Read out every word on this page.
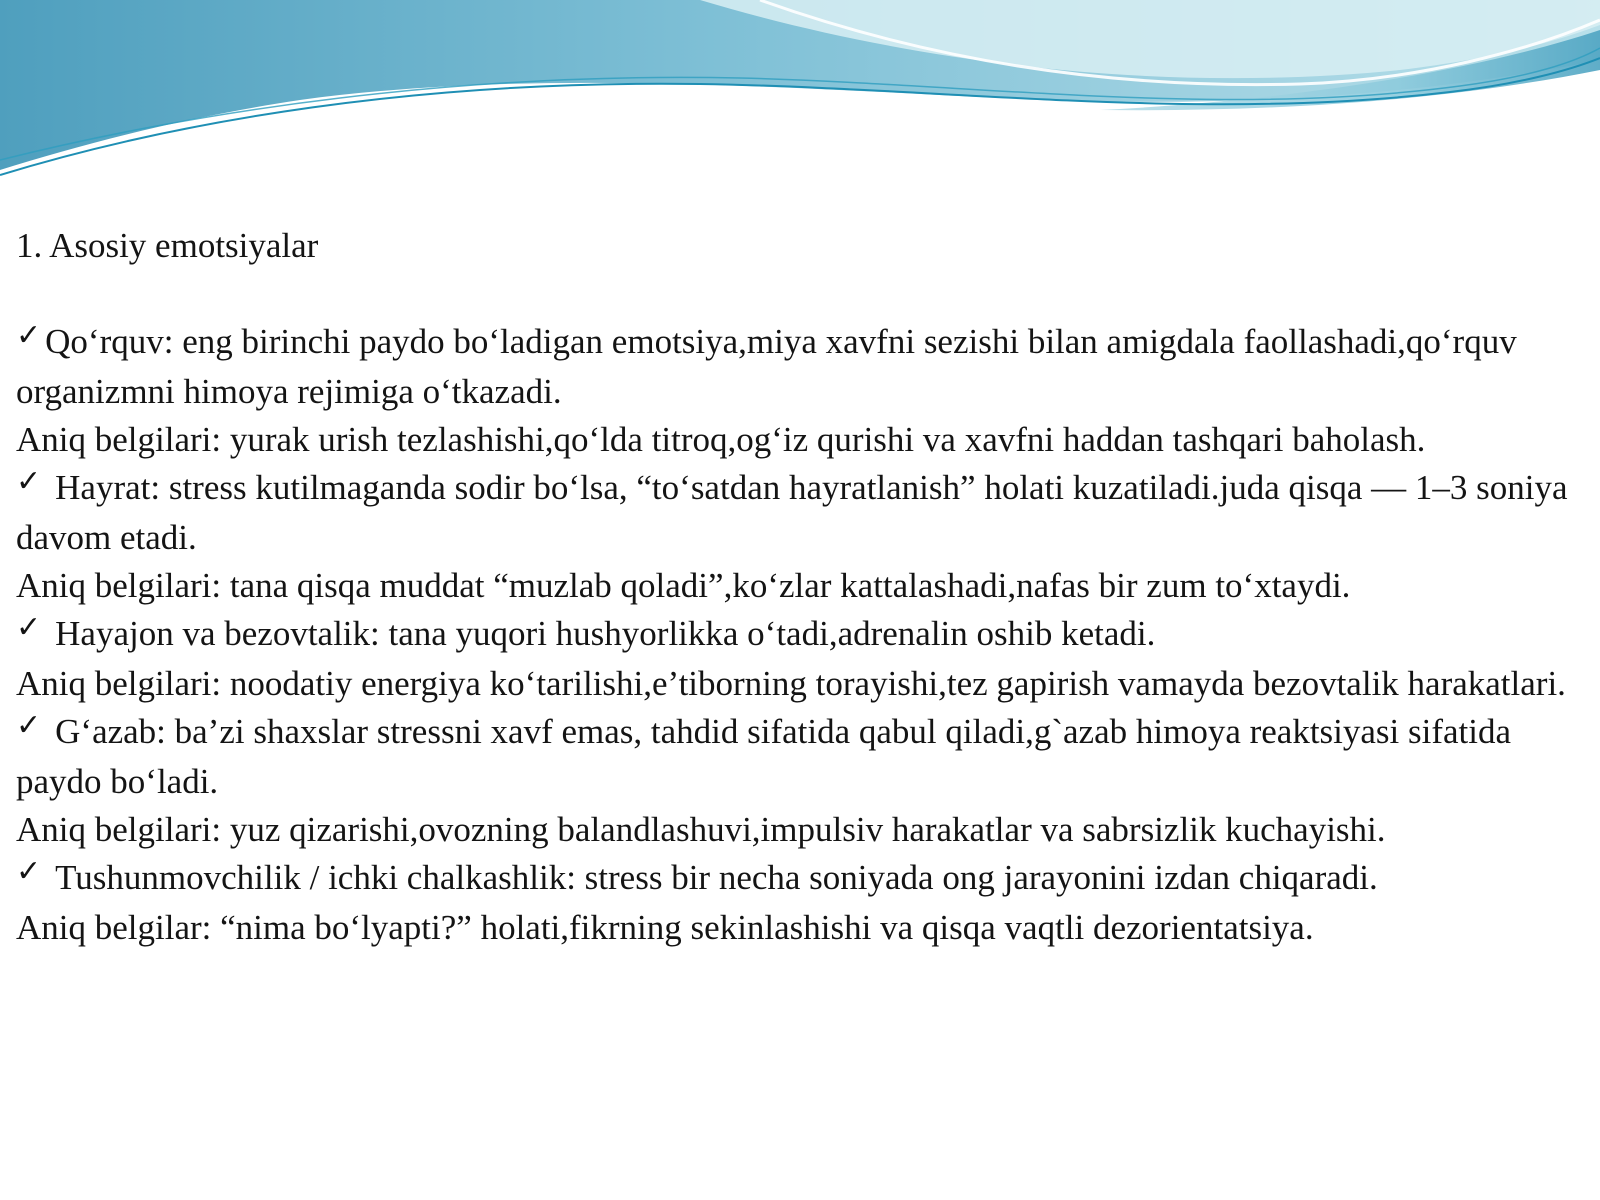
1. Asosiy emotsiyalar

✓ Qo‘rquv: eng birinchi paydo bo‘ladigan emotsiya,miya xavfni sezishi bilan amigdala faollashadi,qo‘rquv organizmni himoya rejimiga o‘tkazadi.

Aniq belgilari: yurak urish tezlashishi,qo‘lda titroq,og‘iz qurishi va xavfni haddan tashqari baholash.

✓ Hayrat: stress kutilmaganda sodir bo‘lsa, “to‘satdan hayratlanish” holati kuzatiladi.juda qisqa — 1–3 soniya davom etadi.

Aniq belgilari: tana qisqa muddat “muzlab qoladi”,ko‘zlar kattalashadi,nafas bir zum to‘xtaydi.

✓ Hayajon va bezovtalik: tana yuqori hushyorlikka o‘tadi,adrenalin oshib ketadi.

Aniq belgilari: noodatiy energiya ko‘tarilishi,e’tiborning torayishi,tez gapirish vamayda bezovtalik harakatlari.

✓ G‘azab: ba’zi shaxslar stressni xavf emas, tahdid sifatida qabul qiladi,g`azab himoya reaktsiyasi sifatida paydo bo‘ladi.

Aniq belgilari: yuz qizarishi,ovozning balandlashuvi,impulsiv harakatlar va sabrsizlik kuchayishi.

✓ Tushunmovchilik / ichki chalkashlik: stress bir necha soniyada ong jarayonini izdan chiqaradi.

Aniq belgilar: “nima bo‘lyapti?” holati,fikrning sekinlashishi va qisqa vaqtli dezorientatsiya.
